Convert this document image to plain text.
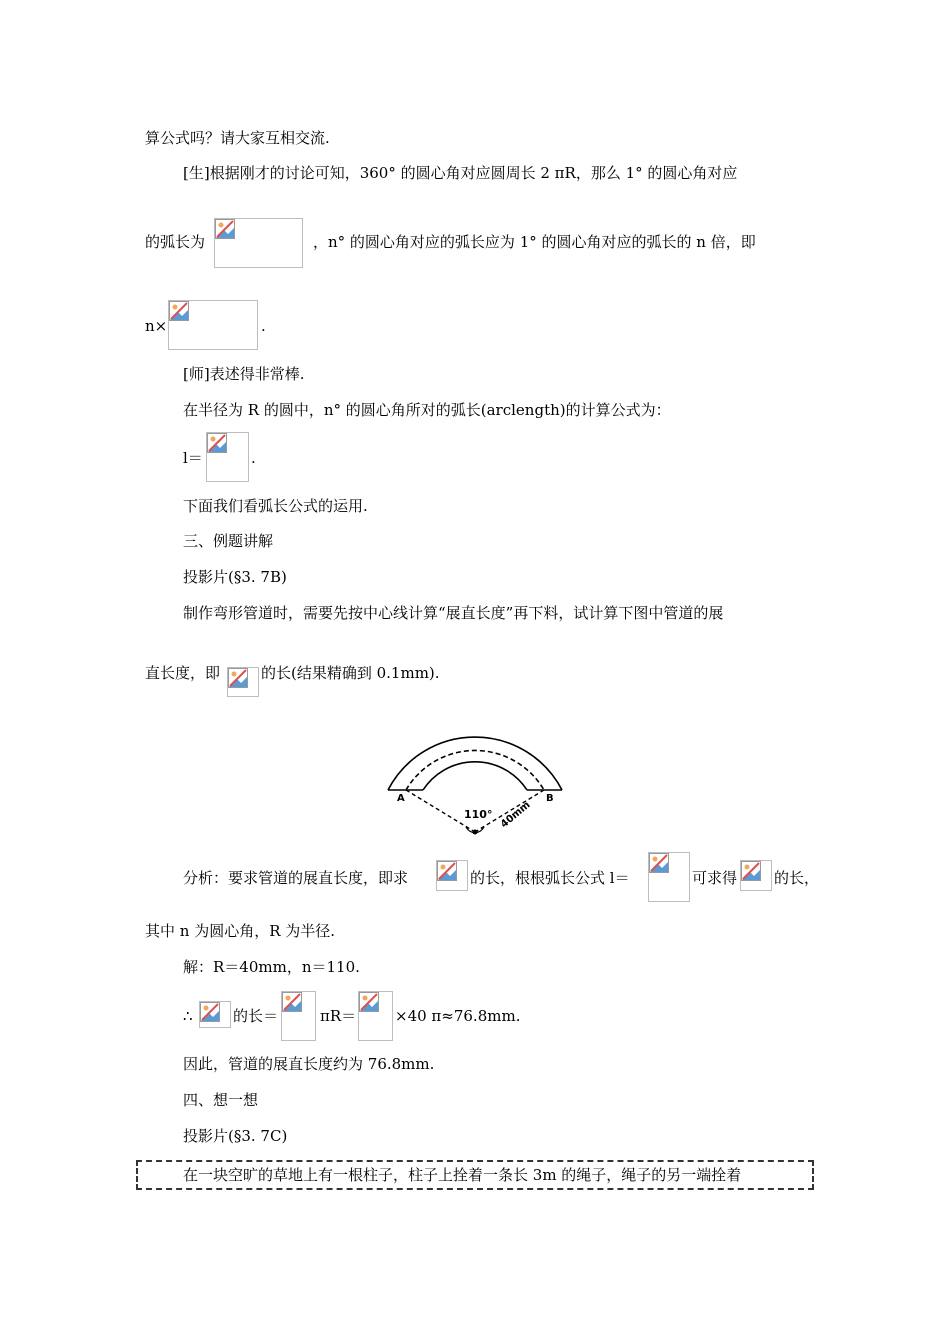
算公式吗？请大家互相交流.
[生]根据刚才的讨论可知，360° 的圆心角对应圆周长 2 πR，那么 1° 的圆心角对应
的弧长为	，n° 的圆心角对应的弧长应为 1° 的圆心角对应的弧长的 n 倍，即
n×	.
[师]表述得非常棒.
在半径为 R 的圆中，n° 的圆心角所对的弧长(arclength)的计算公式为：
l＝	.
下面我们看弧长公式的运用.
三、例题讲解
投影片(§3. 7B)
制作弯形管道时，需要先按中心线计算“展直长度”再下料，试计算下图中管道的展
直长度，即	的长(结果精确到 0.1mm).
A	B
110° 40mm
分析：要求管道的展直长度，即求	的长，根根弧长公式 l＝	可求得 的长，
其中 n 为圆心角，R 为半径.
解：R＝40mm，n＝110.
∴	的长＝	πR＝	×40 π≈76.8mm.
因此，管道的展直长度约为 76.8mm.
四、想一想
投影片(§3. 7C)
在一块空旷的草地上有一根柱子，柱子上拴着一条长 3m 的绳子，绳子的另一端拴着
